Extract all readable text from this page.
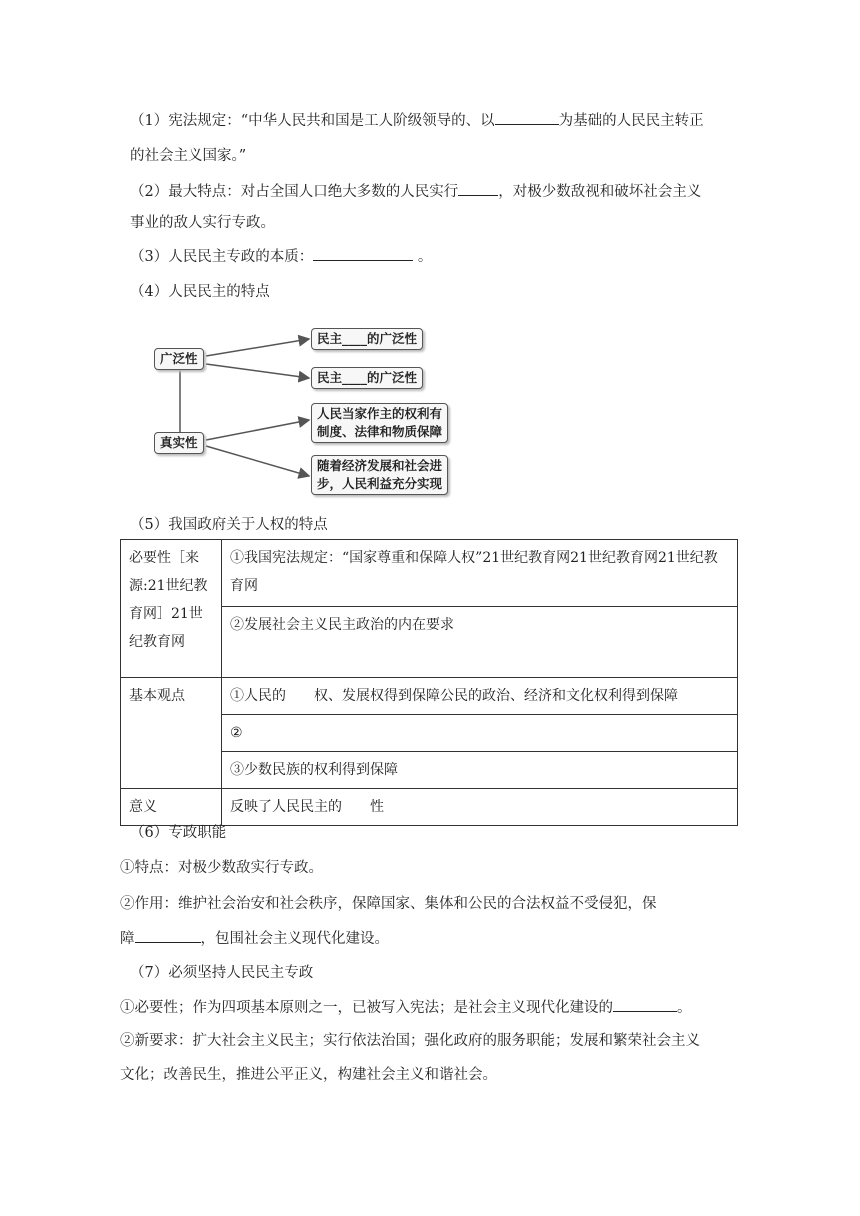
（1）宪法规定：“中华人民共和国是工人阶级领导的、以	为基础的人民民主转正
的社会主义国家。”
（2）最大特点：对占全国人口绝大多数的人民实行	，对极少数敌视和破坏社会主义
事业的敌人实行专政。
（3）人民民主专政的本质：	。
（4）人民民主的特点
广泛性
真实性
民主____的广泛性
民主____的广泛性
人民当家作主的权利有
制度、法律和物质保障
随着经济发展和社会进
步，人民利益充分实现
（5）我国政府关于人权的特点
必要性［来源:21世纪教育网］21世纪教育网	①我国宪法规定：“国家尊重和保障人权”21世纪教育网21世纪教育网21世纪教育网
	②发展社会主义民主政治的内在要求
基本观点	①人民的　　权、发展权得到保障公民的政治、经济和文化权利得到保障
	②
	③少数民族的权利得到保障
意义	反映了人民民主的　　性
（6）专政职能
①特点：对极少数敌实行专政。
②作用：维护社会治安和社会秩序，保障国家、集体和公民的合法权益不受侵犯，保
障	，包围社会主义现代化建设。
（7）必须坚持人民民主专政
①必要性；作为四项基本原则之一，已被写入宪法；是社会主义现代化建设的	。
②新要求：扩大社会主义民主；实行依法治国；强化政府的服务职能；发展和繁荣社会主义
文化；改善民生，推进公平正义，构建社会主义和谐社会。
